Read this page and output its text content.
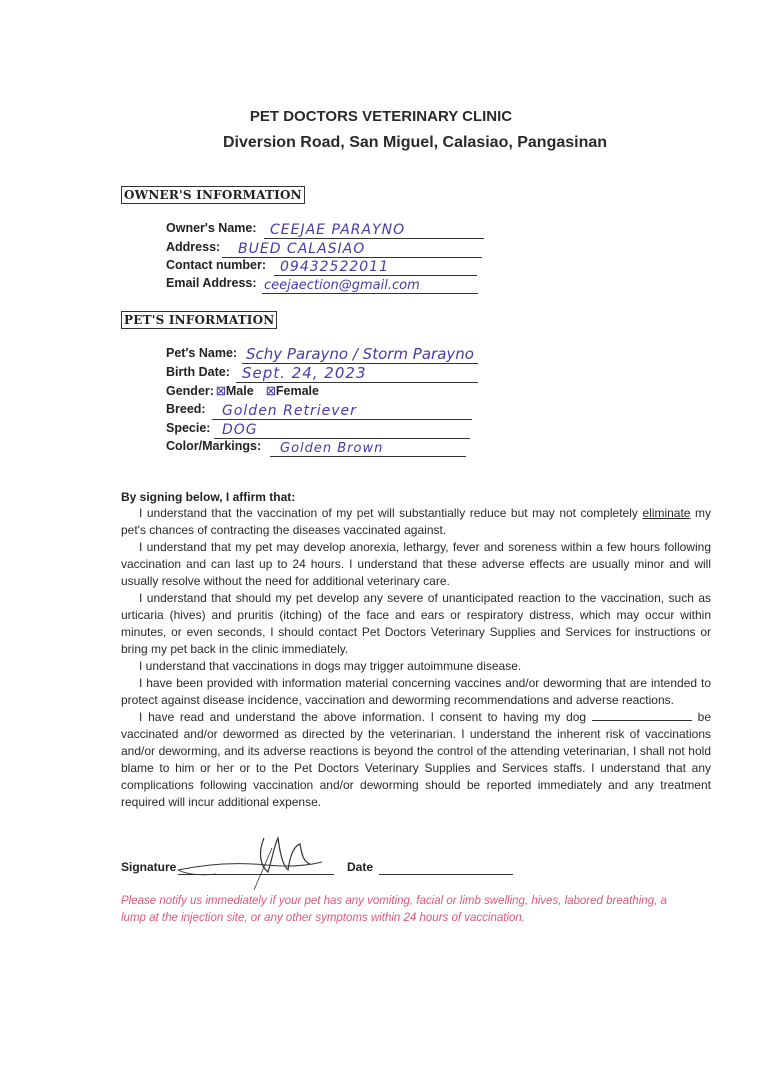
PET DOCTORS VETERINARY CLINIC
Diversion Road, San Miguel, Calasiao, Pangasinan
OWNER'S INFORMATION
Owner's Name: CEEJAE PARAYNO
Address: BUED CALASIAO
Contact number: 09432522011
Email Address: ceejaection@gmail.com
PET'S INFORMATION
Pet's Name: Schy Parayno / Storm Parayno
Birth Date: Sept. 24, 2023
Gender: ☒Male ☒Female
Breed: Golden Retriever
Specie: DOG
Color/Markings: Golden Brown
By signing below, I affirm that:

I understand that the vaccination of my pet will substantially reduce but may not completely eliminate my pet's chances of contracting the diseases vaccinated against.

I understand that my pet may develop anorexia, lethargy, fever and soreness within a few hours following vaccination and can last up to 24 hours. I understand that these adverse effects are usually minor and will usually resolve without the need for additional veterinary care.

I understand that should my pet develop any severe of unanticipated reaction to the vaccination, such as urticaria (hives) and pruritis (itching) of the face and ears or respiratory distress, which may occur within minutes, or even seconds, I should contact Pet Doctors Veterinary Supplies and Services for instructions or bring my pet back in the clinic immediately.

I understand that vaccinations in dogs may trigger autoimmune disease.

I have been provided with information material concerning vaccines and/or deworming that are intended to protect against disease incidence, vaccination and deworming recommendations and adverse reactions.

I have read and understand the above information. I consent to having my dog	be vaccinated and/or dewormed as directed by the veterinarian. I understand the inherent risk of vaccinations and/or deworming, and its adverse reactions is beyond the control of the attending veterinarian, I shall not hold blame to him or her or to the Pet Doctors Veterinary Supplies and Services staffs. I understand that any complications following vaccination and/or deworming should be reported immediately and any treatment required will incur additional expense.

Signature	Date
Please notify us immediately if your pet has any vomiting, facial or limb swelling, hives, labored breathing, a lump at the injection site, or any other symptoms within 24 hours of vaccination.
